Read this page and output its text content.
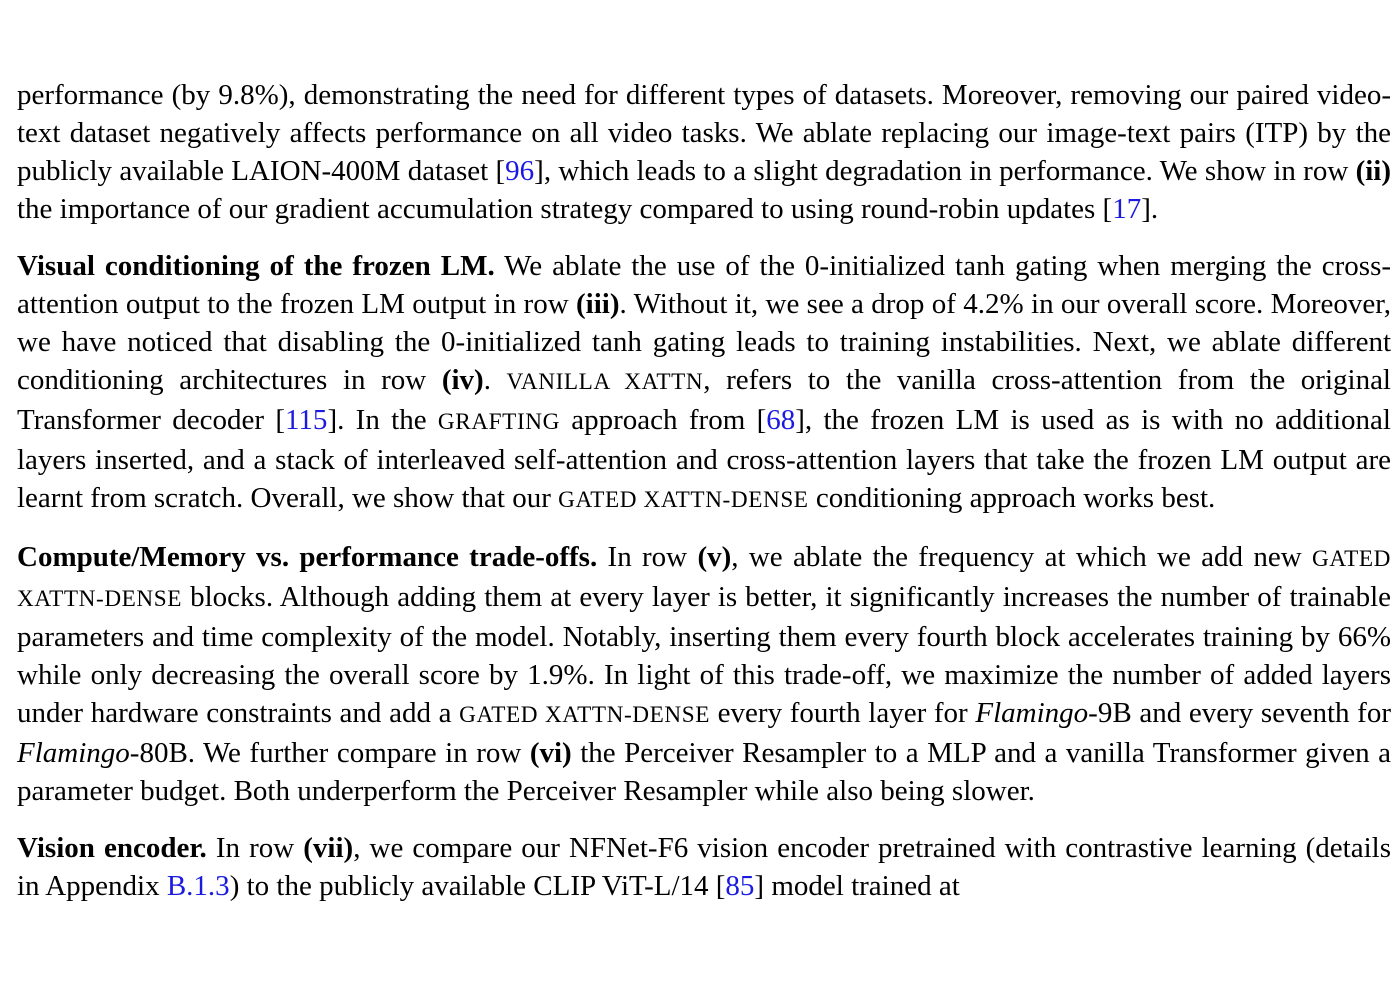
performance (by 9.8%), demonstrating the need for different types of datasets. Moreover, removing our paired video-text dataset negatively affects performance on all video tasks. We ablate replacing our image-text pairs (ITP) by the publicly available LAION-400M dataset [96], which leads to a slight degradation in performance. We show in row (ii) the importance of our gradient accumulation strategy compared to using round-robin updates [17].

Visual conditioning of the frozen LM. We ablate the use of the 0-initialized tanh gating when merging the cross-attention output to the frozen LM output in row (iii). Without it, we see a drop of 4.2% in our overall score. Moreover, we have noticed that disabling the 0-initialized tanh gating leads to training instabilities. Next, we ablate different conditioning architectures in row (iv). VANILLA XATTN, refers to the vanilla cross-attention from the original Transformer decoder [115]. In the GRAFTING approach from [68], the frozen LM is used as is with no additional layers inserted, and a stack of interleaved self-attention and cross-attention layers that take the frozen LM output are learnt from scratch. Overall, we show that our GATED XATTN-DENSE conditioning approach works best.

Compute/Memory vs. performance trade-offs. In row (v), we ablate the frequency at which we add new GATED XATTN-DENSE blocks. Although adding them at every layer is better, it significantly increases the number of trainable parameters and time complexity of the model. Notably, inserting them every fourth block accelerates training by 66% while only decreasing the overall score by 1.9%. In light of this trade-off, we maximize the number of added layers under hardware constraints and add a GATED XATTN-DENSE every fourth layer for Flamingo-9B and every seventh for Flamingo-80B. We further compare in row (vi) the Perceiver Resampler to a MLP and a vanilla Transformer given a parameter budget. Both underperform the Perceiver Resampler while also being slower.

Vision encoder. In row (vii), we compare our NFNet-F6 vision encoder pretrained with contrastive learning (details in Appendix B.1.3) to the publicly available CLIP ViT-L/14 [85] model trained at
